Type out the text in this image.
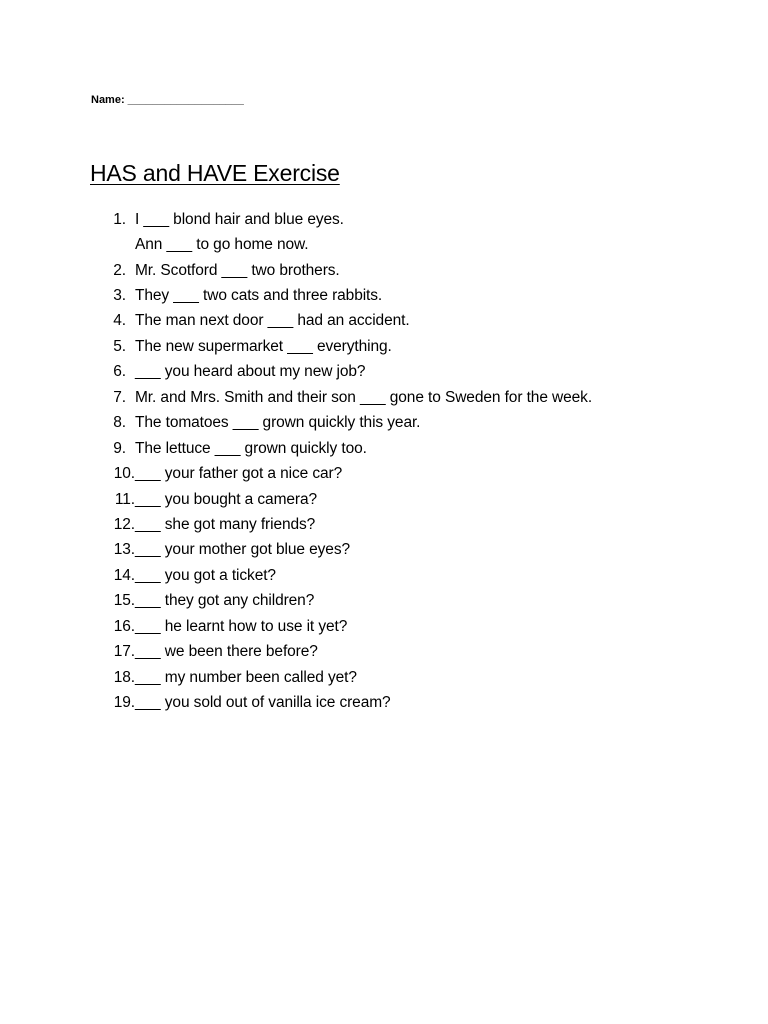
Name: ___________________
HAS and HAVE Exercise
1. I ___ blond hair and blue eyes.
Ann ___ to go home now.
2. Mr. Scotford ___ two brothers.
3. They ___ two cats and three rabbits.
4. The man next door ___ had an accident.
5. The new supermarket ___ everything.
6. ___ you heard about my new job?
7. Mr. and Mrs. Smith and their son ___ gone to Sweden for the week.
8. The tomatoes ___ grown quickly this year.
9. The lettuce ___ grown quickly too.
10. ___ your father got a nice car?
11. ___ you bought a camera?
12. ___ she got many friends?
13. ___ your mother got blue eyes?
14. ___ you got a ticket?
15. ___ they got any children?
16. ___ he learnt how to use it yet?
17. ___ we been there before?
18. ___ my number been called yet?
19. ___ you sold out of vanilla ice cream?
